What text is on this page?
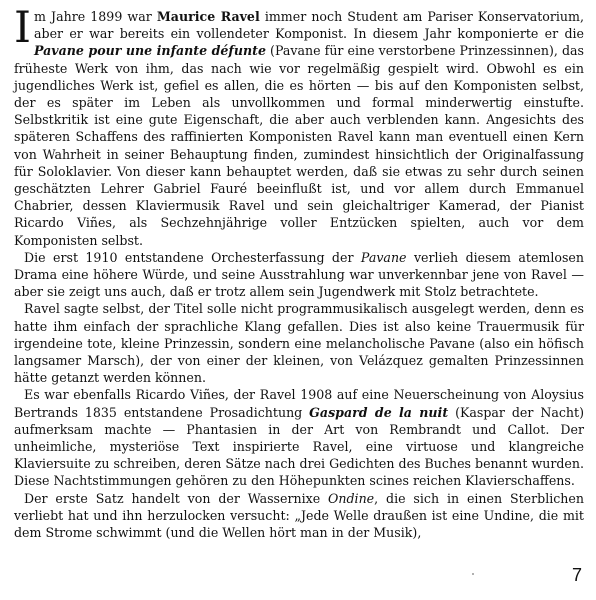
Im Jahre 1899 war Maurice Ravel immer noch Student am Pariser Konservatorium, aber er war bereits ein vollendeter Komponist. In diesem Jahr komponierte er die Pavane pour une infante défunte (Pavane für eine verstorbene Prinzessinnen), das früheste Werk von ihm, das nach wie vor regelmäßig gespielt wird. Obwohl es ein jugendliches Werk ist, gefiel es allen, die es hörten — bis auf den Komponisten selbst, der es später im Leben als unvollkommen und formal minderwertig einstufte. Selbstkritik ist eine gute Eigenschaft, die aber auch verblenden kann. Angesichts des späteren Schaffens des raffinierten Komponisten Ravel kann man eventuell einen Kern von Wahrheit in seiner Behauptung finden, zumindest hinsichtlich der Originalfassung für Soloklavier. Von dieser kann behauptet werden, daß sie etwas zu sehr durch seinen geschätzten Lehrer Gabriel Fauré beeinflußt ist, und vor allem durch Emmanuel Chabrier, dessen Klaviermusik Ravel und sein gleichaltriger Kamerad, der Pianist Ricardo Viñes, als Sechzehnjährige voller Entzücken spielten, auch vor dem Komponisten selbst.

Die erst 1910 entstandene Orchesterfassung der Pavane verlieh diesem atemlosen Drama eine höhere Würde, und seine Ausstrahlung war unverkennbar jene von Ravel — aber sie zeigt uns auch, daß er trotz allem sein Jugendwerk mit Stolz betrachtete.

Ravel sagte selbst, der Titel solle nicht programmusikalisch ausgelegt werden, denn es hatte ihm einfach der sprachliche Klang gefallen. Dies ist also keine Trauermusik für irgendeine tote, kleine Prinzessin, sondern eine melancholische Pavane (also ein höfisch langsamer Marsch), der von einer der kleinen, von Velázquez gemalten Prinzessinnen hätte getanzt werden können.

Es war ebenfalls Ricardo Viñes, der Ravel 1908 auf eine Neuerscheinung von Aloysius Bertrands 1835 entstandene Prosadichtung Gaspard de la nuit (Kaspar der Nacht) aufmerksam machte — Phantasien in der Art von Rembrandt und Callot. Der unheimliche, mysteriöse Text inspirierte Ravel, eine virtuose und klangreiche Klaviersuite zu schreiben, deren Sätze nach drei Gedichten des Buches benannt wurden. Diese Nachtstimmungen gehören zu den Höhepunkten scines reichen Klavierschaffens.

Der erste Satz handelt von der Wassernixe Ondine, die sich in einen Sterblichen verliebt hat und ihn herzulocken versucht: „Jede Welle draußen ist eine Undine, die mit dem Strome schwimmt (und die Wellen hört man in der Musik),

7
